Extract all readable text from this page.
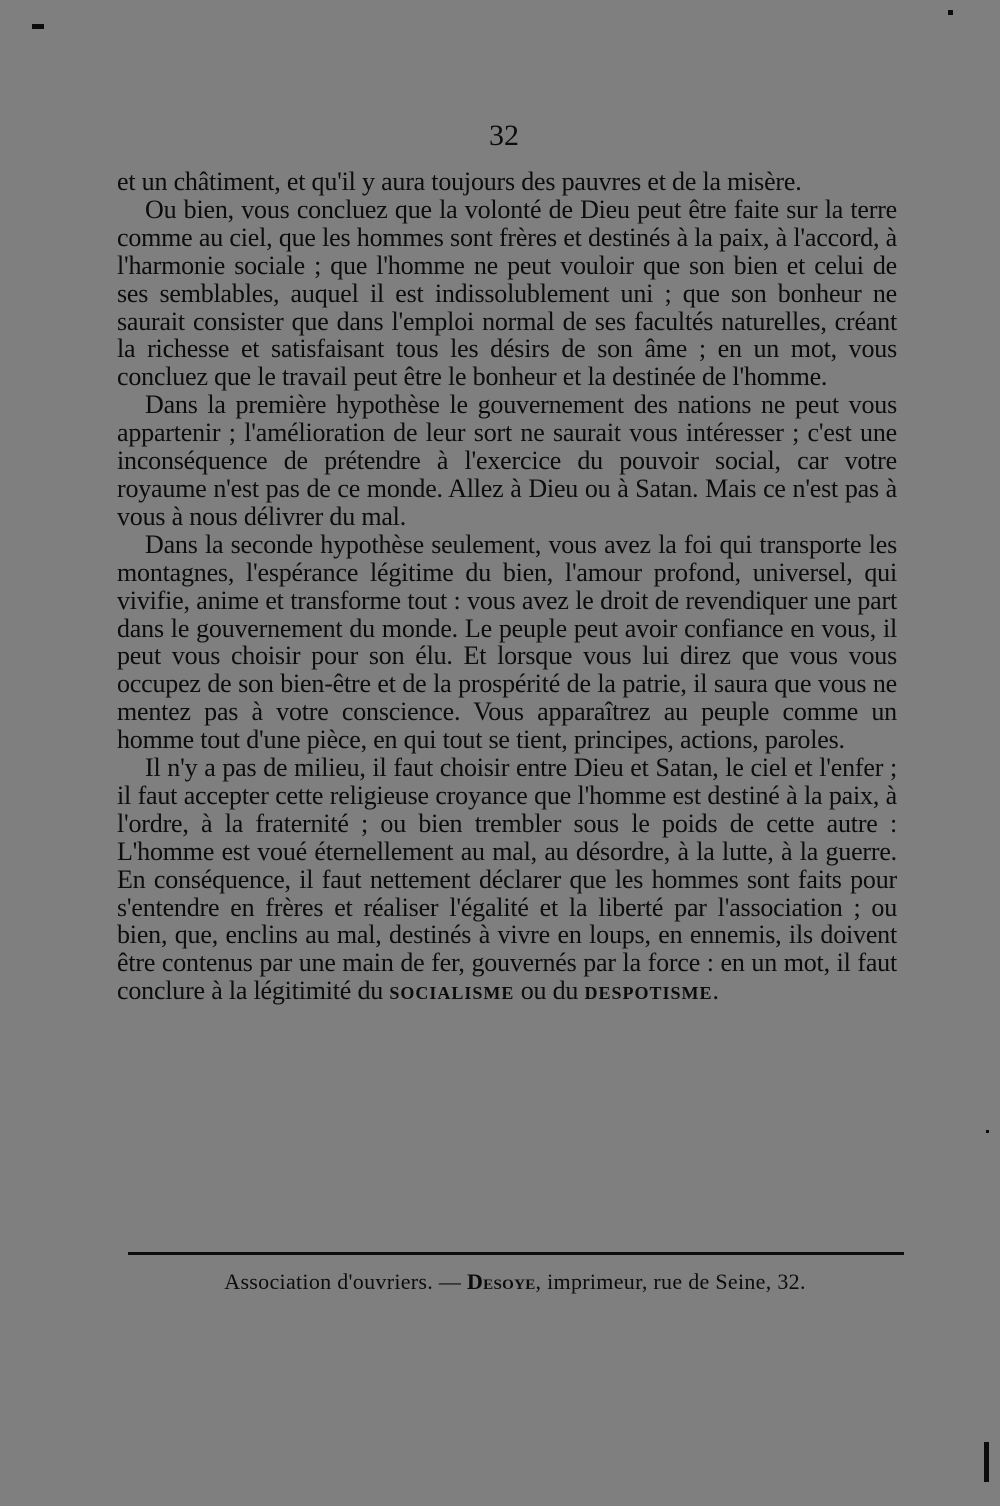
32

et un châtiment, et qu'il y aura toujours des pauvres et de la misère.

Ou bien, vous concluez que la volonté de Dieu peut être faite sur la terre comme au ciel, que les hommes sont frères et destinés à la paix, à l'accord, à l'harmonie sociale ; que l'homme ne peut vouloir que son bien et celui de ses semblables, auquel il est indissolublement uni ; que son bonheur ne saurait consister que dans l'emploi normal de ses facultés naturelles, créant la richesse et satisfaisant tous les désirs de son âme ; en un mot, vous concluez que le travail peut être le bonheur et la destinée de l'homme.

Dans la première hypothèse le gouvernement des nations ne peut vous appartenir ; l'amélioration de leur sort ne saurait vous intéresser ; c'est une inconséquence de prétendre à l'exercice du pouvoir social, car votre royaume n'est pas de ce monde. Allez à Dieu ou à Satan. Mais ce n'est pas à vous à nous délivrer du mal.

Dans la seconde hypothèse seulement, vous avez la foi qui transporte les montagnes, l'espérance légitime du bien, l'amour profond, universel, qui vivifie, anime et transforme tout : vous avez le droit de revendiquer une part dans le gouvernement du monde. Le peuple peut avoir confiance en vous, il peut vous choisir pour son élu. Et lorsque vous lui direz que vous vous occupez de son bien-être et de la prospérité de la patrie, il saura que vous ne mentez pas à votre conscience. Vous apparaîtrez au peuple comme un homme tout d'une pièce, en qui tout se tient, principes, actions, paroles.

Il n'y a pas de milieu, il faut choisir entre Dieu et Satan, le ciel et l'enfer ; il faut accepter cette religieuse croyance que l'homme est destiné à la paix, à l'ordre, à la fraternité ; ou bien trembler sous le poids de cette autre : L'homme est voué éternellement au mal, au désordre, à la lutte, à la guerre. En conséquence, il faut nettement déclarer que les hommes sont faits pour s'entendre en frères et réaliser l'égalité et la liberté par l'association ; ou bien, que, enclins au mal, destinés à vivre en loups, en ennemis, ils doivent être contenus par une main de fer, gouvernés par la force : en un mot, il faut conclure à la légitimité du socialisme ou du despotisme.

Association d'ouvriers. — Desoye, imprimeur, rue de Seine, 32.
